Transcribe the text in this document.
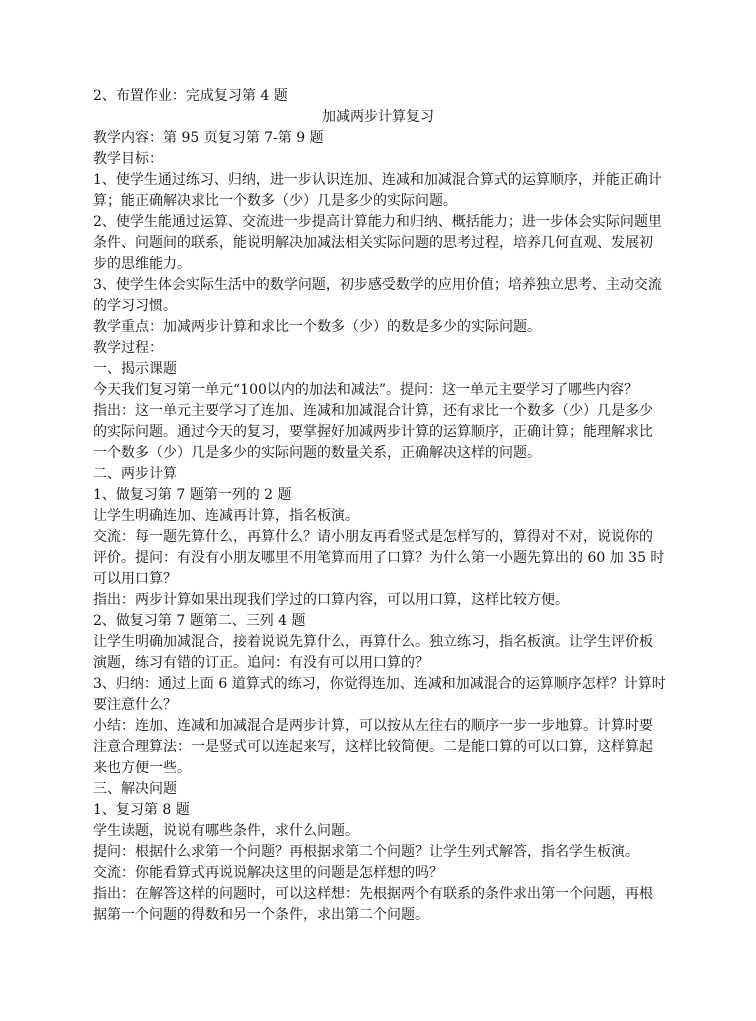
2、布置作业：完成复习第 4 题
加减两步计算复习
教学内容：第 95 页复习第 7-第 9 题
教学目标：
1、使学生通过练习、归纳，进一步认识连加、连减和加减混合算式的运算顺序，并能正确计
算；能正确解决求比一个数多（少）几是多少的实际问题。
2、使学生能通过运算、交流进一步提高计算能力和归纳、概括能力；进一步体会实际问题里
条件、问题间的联系，能说明解决加减法相关实际问题的思考过程，培养几何直观、发展初
步的思维能力。
3、使学生体会实际生活中的数学问题，初步感受数学的应用价值；培养独立思考、主动交流
的学习习惯。
教学重点：加减两步计算和求比一个数多（少）的数是多少的实际问题。
教学过程：
一、揭示课题
今天我们复习第一单元“100以内的加法和减法”。提问：这一单元主要学习了哪些内容？
指出：这一单元主要学习了连加、连减和加减混合计算，还有求比一个数多（少）几是多少
的实际问题。通过今天的复习，要掌握好加减两步计算的运算顺序，正确计算；能理解求比
一个数多（少）几是多少的实际问题的数量关系，正确解决这样的问题。
二、两步计算
1、做复习第 7 题第一列的 2 题
让学生明确连加、连减再计算，指名板演。
交流：每一题先算什么，再算什么？请小朋友再看竖式是怎样写的，算得对不对，说说你的
评价。提问：有没有小朋友哪里不用笔算而用了口算？为什么第一小题先算出的 60 加 35 时
可以用口算？
指出：两步计算如果出现我们学过的口算内容，可以用口算，这样比较方便。
2、做复习第 7 题第二、三列 4 题
让学生明确加减混合，接着说说先算什么，再算什么。独立练习，指名板演。让学生评价板
演题，练习有错的订正。追问：有没有可以用口算的？
3、归纳：通过上面 6 道算式的练习，你觉得连加、连减和加减混合的运算顺序怎样？计算时
要注意什么？
小结：连加、连减和加减混合是两步计算，可以按从左往右的顺序一步一步地算。计算时要
注意合理算法：一是竖式可以连起来写，这样比较简便。二是能口算的可以口算，这样算起
来也方便一些。
三、解决问题
1、复习第 8 题
学生读题，说说有哪些条件，求什么问题。
提问：根据什么求第一个问题？再根据求第二个问题？让学生列式解答，指名学生板演。
交流：你能看算式再说说解决这里的问题是怎样想的吗？
指出：在解答这样的问题时，可以这样想：先根据两个有联系的条件求出第一个问题，再根
据第一个问题的得数和另一个条件，求出第二个问题。
